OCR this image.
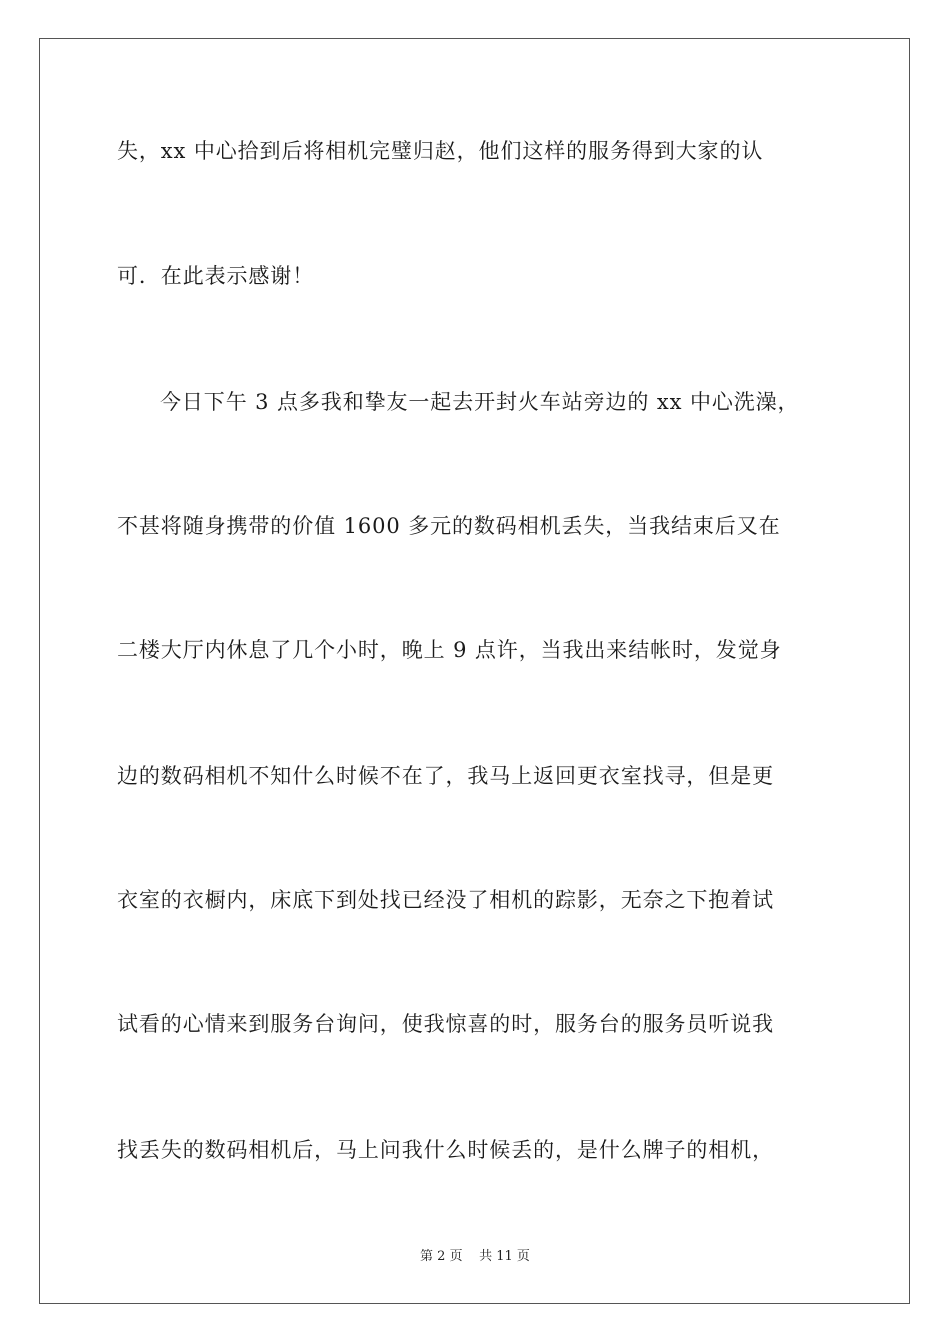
失，xx 中心拾到后将相机完璧归赵，他们这样的服务得到大家的认
可．在此表示感谢！
今日下午 3 点多我和挚友一起去开封火车站旁边的 xx 中心洗澡，
不甚将随身携带的价值 1600 多元的数码相机丢失，当我结束后又在
二楼大厅内休息了几个小时，晚上 9 点许，当我出来结帐时，发觉身
边的数码相机不知什么时候不在了，我马上返回更衣室找寻，但是更
衣室的衣橱内，床底下到处找已经没了相机的踪影，无奈之下抱着试
试看的心情来到服务台询问，使我惊喜的时，服务台的服务员听说我
找丢失的数码相机后，马上问我什么时候丢的，是什么牌子的相机，
第 2 页 共 11 页
